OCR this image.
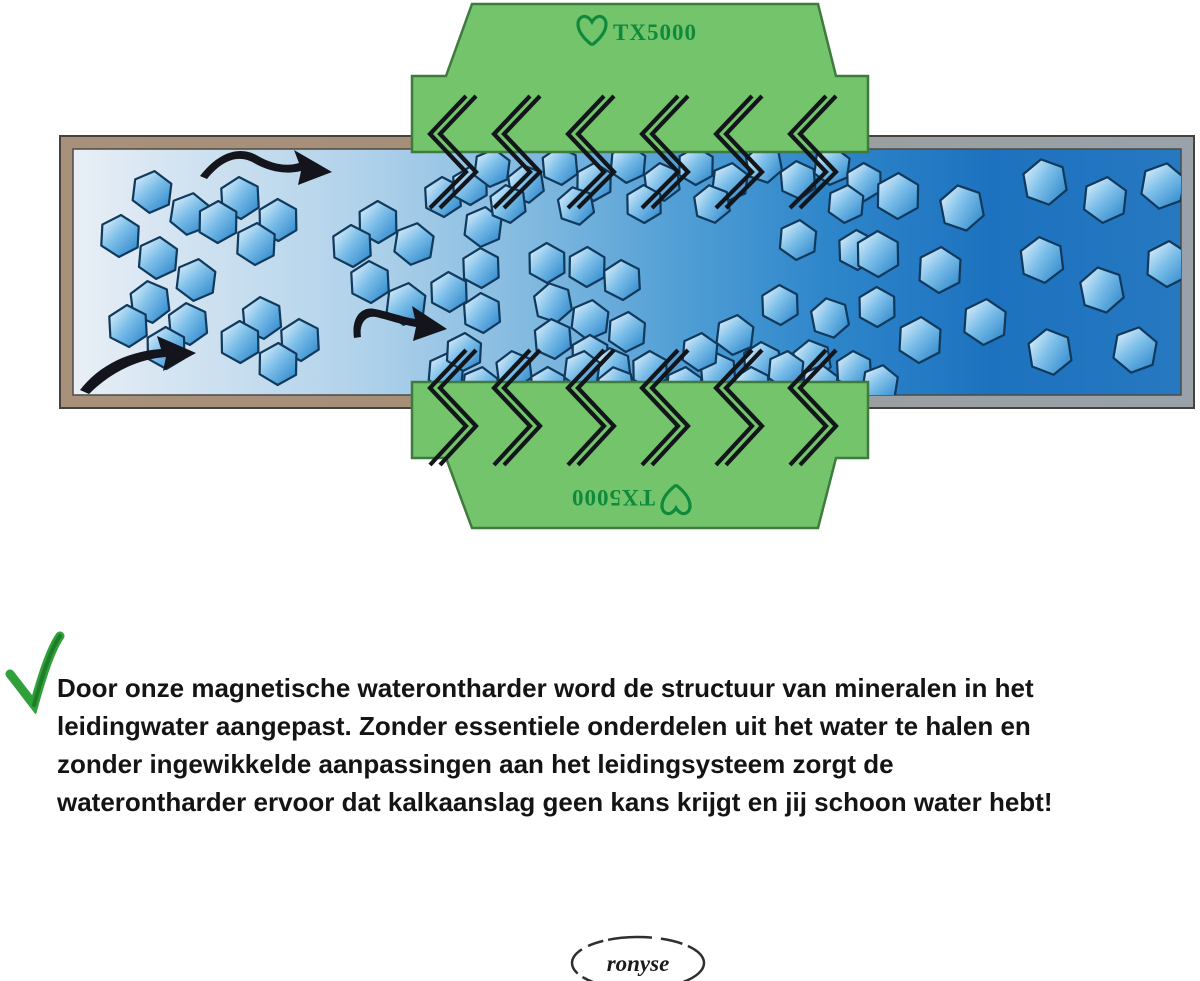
TX5000
TX5000
Door onze magnetische waterontharder word de structuur van mineralen in het
leidingwater aangepast. Zonder essentiele onderdelen uit het water te halen en
zonder ingewikkelde aanpassingen aan het leidingsysteem zorgt de
waterontharder ervoor dat kalkaanslag geen kans krijgt en jij schoon water hebt!
ronyse
